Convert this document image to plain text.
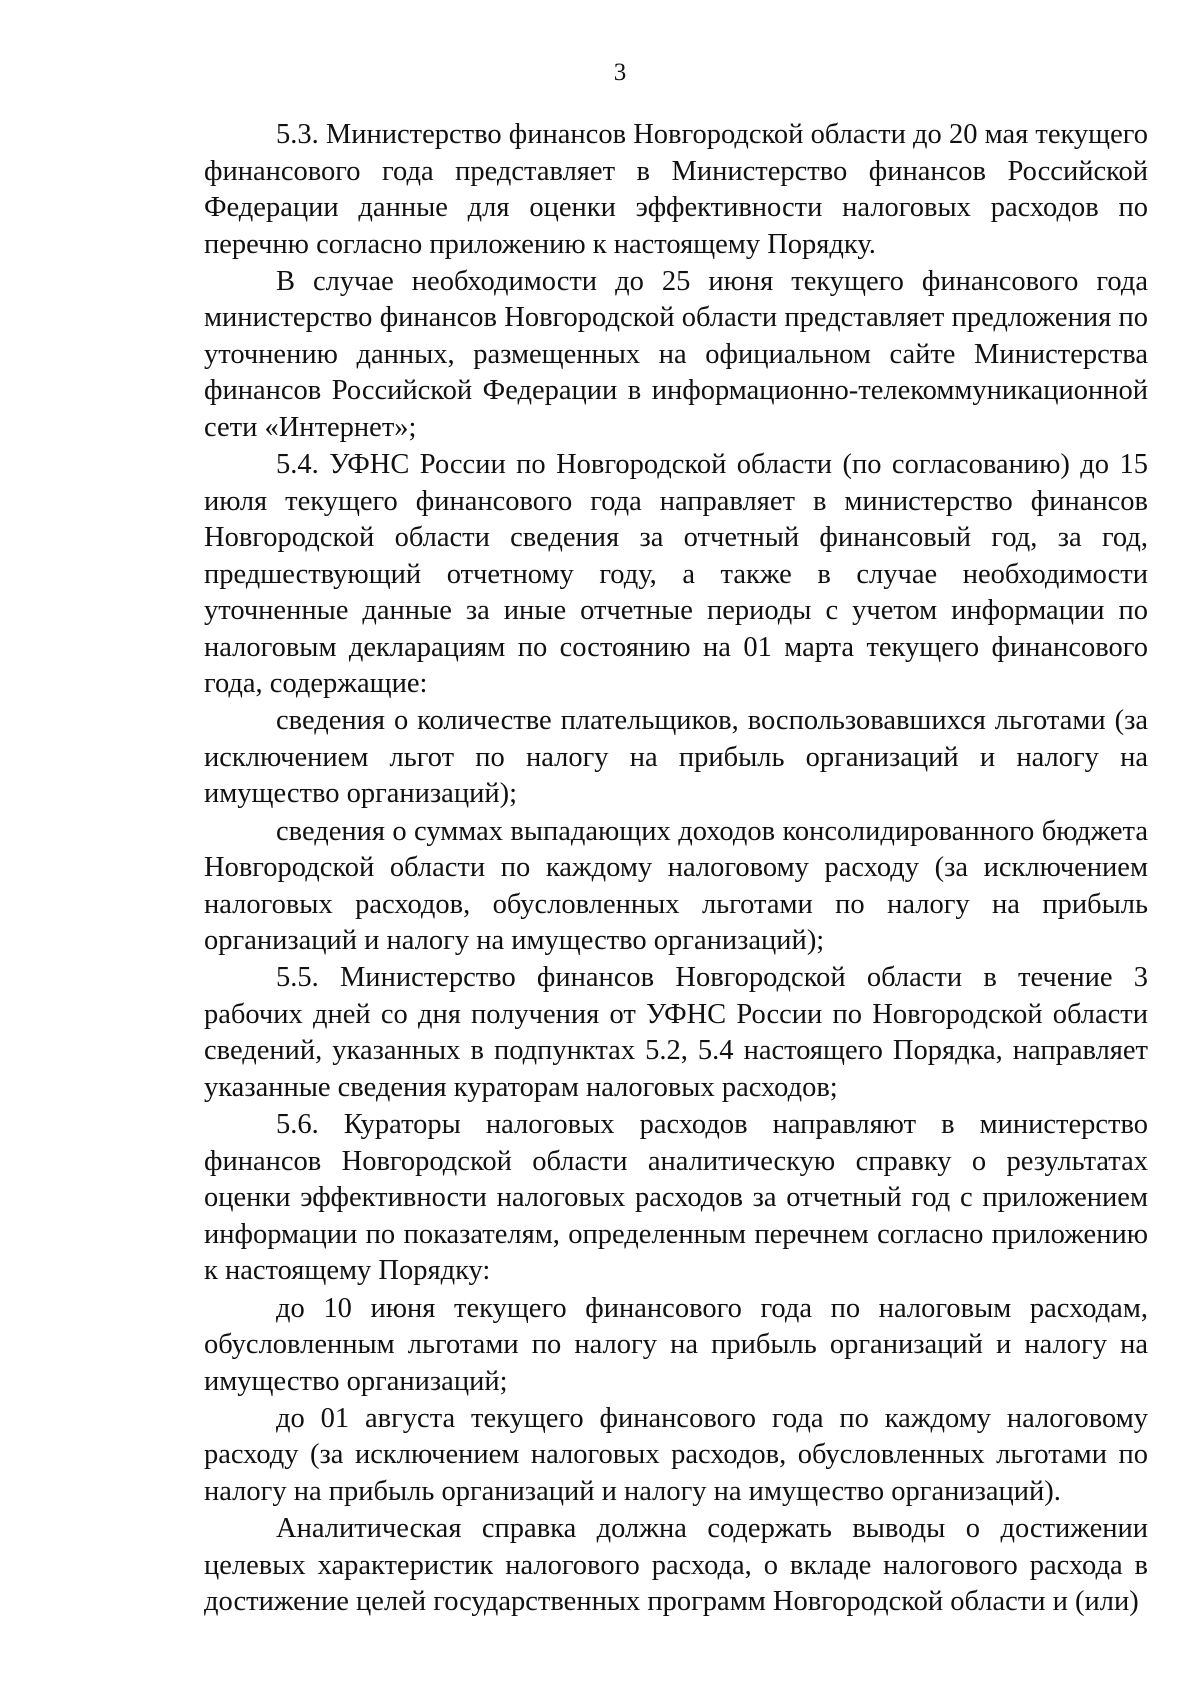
3

5.3. Министерство финансов Новгородской области до 20 мая текущего финансового года представляет в Министерство финансов Российской Федерации данные для оценки эффективности налоговых расходов по перечню согласно приложению к настоящему Порядку.

В случае необходимости до 25 июня текущего финансового года министерство финансов Новгородской области представляет предложения по уточнению данных, размещенных на официальном сайте Министерства финансов Российской Федерации в информационно-телекоммуникационной сети «Интернет»;

5.4. УФНС России по Новгородской области (по согласованию) до 15 июля текущего финансового года направляет в министерство финансов Новгородской области сведения за отчетный финансовый год, за год, предшествующий отчетному году, а также в случае необходимости уточненные данные за иные отчетные периоды с учетом информации по налоговым декларациям по состоянию на 01 марта текущего финансового года, содержащие:

сведения о количестве плательщиков, воспользовавшихся льготами (за исключением льгот по налогу на прибыль организаций и налогу на имущество организаций);

сведения о суммах выпадающих доходов консолидированного бюджета Новгородской области по каждому налоговому расходу (за исключением налоговых расходов, обусловленных льготами по налогу на прибыль организаций и налогу на имущество организаций);

5.5. Министерство финансов Новгородской области в течение 3 рабочих дней со дня получения от УФНС России по Новгородской области сведений, указанных в подпунктах 5.2, 5.4 настоящего Порядка, направляет указанные сведения кураторам налоговых расходов;

5.6. Кураторы налоговых расходов направляют в министерство финансов Новгородской области аналитическую справку о результатах оценки эффективности налоговых расходов за отчетный год с приложением информации по показателям, определенным перечнем согласно приложению к настоящему Порядку:

до 10 июня текущего финансового года по налоговым расходам, обусловленным льготами по налогу на прибыль организаций и налогу на имущество организаций;

до 01 августа текущего финансового года по каждому налоговому расходу (за исключением налоговых расходов, обусловленных льготами по налогу на прибыль организаций и налогу на имущество организаций).

Аналитическая справка должна содержать выводы о достижении целевых характеристик налогового расхода, о вкладе налогового расхода в достижение целей государственных программ Новгородской области и (или)
